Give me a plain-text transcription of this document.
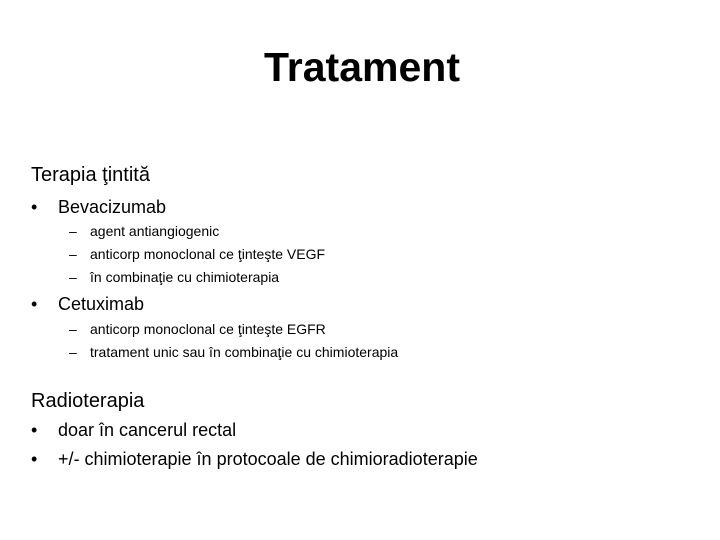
Tratament
Terapia ţintită
• Bevacizumab
– agent antiangiogenic
– anticorp monoclonal ce ţinteşte VEGF
– în combinaţie cu chimioterapia
• Cetuximab
– anticorp monoclonal ce ţinteşte EGFR
– tratament unic sau în combinaţie cu chimioterapia
Radioterapia
• doar în cancerul rectal
• +/- chimioterapie în protocoale de chimioradioterapie
